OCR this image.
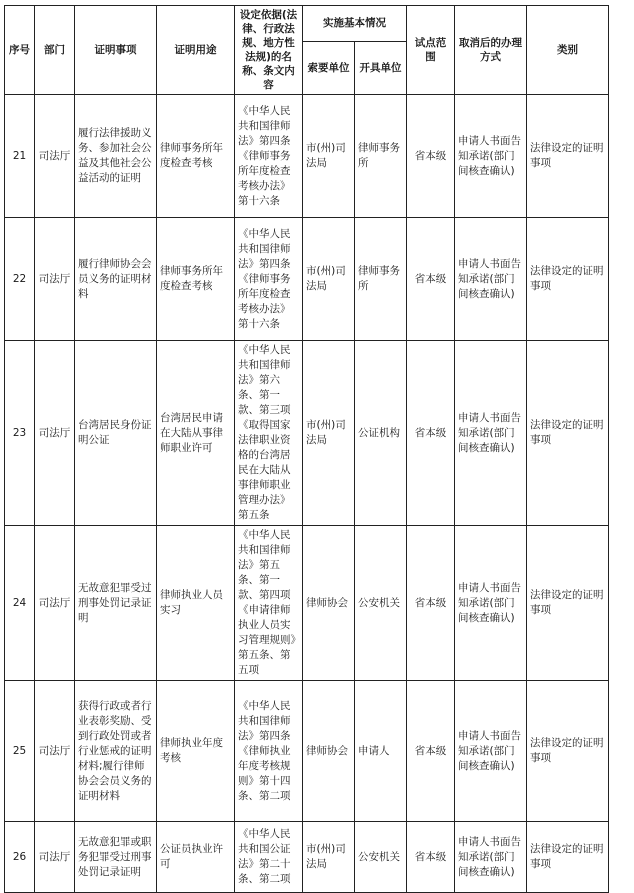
序号	部门	证明事项	证明用途	设定依据(法律、行政法规、地方性法规)的名称、条文内容	实施基本情况		试点范围	取消后的办理方式	类别
					索要单位	开具单位			
21	司法厅	履行法律援助义务、参加社会公益及其他社会公益活动的证明	律师事务所年度检查考核	《中华人民共和国律师法》第四条《律师事务所年度检查考核办法》第十六条	市(州)司法局	律师事务所	省本级	申请人书面告知承诺(部门间核查确认)	法律设定的证明事项
22	司法厅	履行律师协会会员义务的证明材料	律师事务所年度检查考核	《中华人民共和国律师法》第四条《律师事务所年度检查考核办法》第十六条	市(州)司法局	律师事务所	省本级	申请人书面告知承诺(部门间核查确认)	法律设定的证明事项
23	司法厅	台湾居民身份证明公证	台湾居民申请在大陆从事律师职业许可	《中华人民共和国律师法》第六条、第一款、第三项《取得国家法律职业资格的台湾居民在大陆从事律师职业管理办法》第五条	市(州)司法局	公证机构	省本级	申请人书面告知承诺(部门间核查确认)	法律设定的证明事项
24	司法厅	无故意犯罪受过刑事处罚记录证明	律师执业人员实习	《中华人民共和国律师法》第五条、第一款、第四项《申请律师执业人员实习管理规则》第五条、第五项	律师协会	公安机关	省本级	申请人书面告知承诺(部门间核查确认)	法律设定的证明事项
25	司法厅	获得行政或者行业表彰奖励、受到行政处罚或者行业惩戒的证明材料;履行律师协会会员义务的证明材料	律师执业年度考核	《中华人民共和国律师法》第四条《律师执业年度考核规则》第十四条、第二项	律师协会	申请人	省本级	申请人书面告知承诺(部门间核查确认)	法律设定的证明事项
26	司法厅	无故意犯罪或职务犯罪受过刑事处罚记录证明	公证员执业许可	《中华人民共和国公证法》第二十条、第二项	市(州)司法局	公安机关	省本级	申请人书面告知承诺(部门间核查确认)	法律设定的证明事项
